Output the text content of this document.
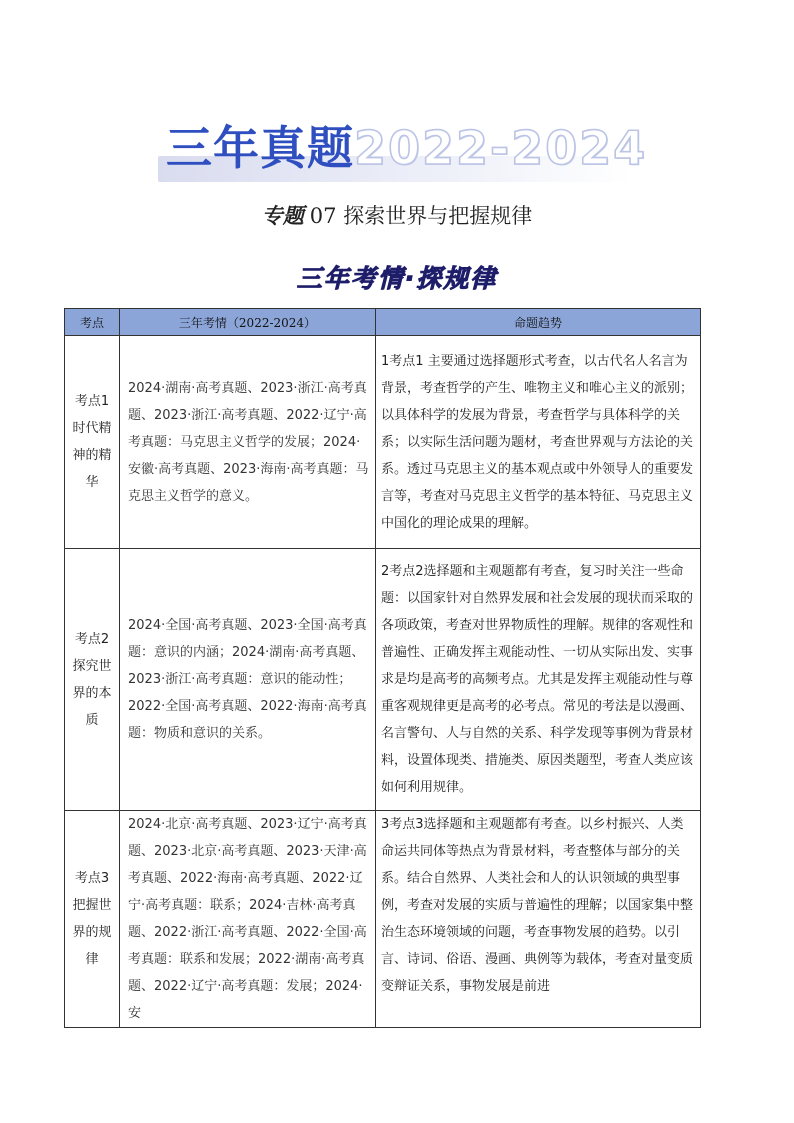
三年真题2022-2024
专题 07 探索世界与把握规律
三年考情·探规律
考点	三年考情（2022-2024）	命题趋势
考点1时代精神的精华	2024·湖南·高考真题、2023·浙江·高考真题、2023·浙江·高考真题、2022·辽宁·高考真题：马克思主义哲学的发展；2024·安徽·高考真题、2023·海南·高考真题：马克思主义哲学的意义。	1考点1 主要通过选择题形式考查，以古代名人名言为背景，考查哲学的产生、唯物主义和唯心主义的派别；以具体科学的发展为背景，考查哲学与具体科学的关系；以实际生活问题为题材，考查世界观与方法论的关系。透过马克思主义的基本观点或中外领导人的重要发言等，考查对马克思主义哲学的基本特征、马克思主义中国化的理论成果的理解。
考点2探究世界的本质	2024·全国·高考真题、2023·全国·高考真题：意识的内涵；2024·湖南·高考真题、2023·浙江·高考真题：意识的能动性；2022·全国·高考真题、2022·海南·高考真题：物质和意识的关系。	2考点2选择题和主观题都有考查，复习时关注一些命题：以国家针对自然界发展和社会发展的现状而采取的各项政策，考查对世界物质性的理解。规律的客观性和普遍性、正确发挥主观能动性、一切从实际出发、实事求是均是高考的高频考点。尤其是发挥主观能动性与尊重客观规律更是高考的必考点。常见的考法是以漫画、名言警句、人与自然的关系、科学发现等事例为背景材料，设置体现类、措施类、原因类题型，考查人类应该如何利用规律。
考点3把握世界的规律	2024·北京·高考真题、2023·辽宁·高考真题、2023·北京·高考真题、2023·天津·高考真题、2022·海南·高考真题、2022·辽宁·高考真题：联系；2024·吉林·高考真题、2022·浙江·高考真题、2022·全国·高考真题：联系和发展；2022·湖南·高考真题、2022·辽宁·高考真题：发展；2024·安	3考点3选择题和主观题都有考查。以乡村振兴、人类命运共同体等热点为背景材料，考查整体与部分的关系。结合自然界、人类社会和人的认识领域的典型事例，考查对发展的实质与普遍性的理解；以国家集中整治生态环境领域的问题，考查事物发展的趋势。以引言、诗词、俗语、漫画、典例等为载体，考查对量变质变辩证关系，事物发展是前进
